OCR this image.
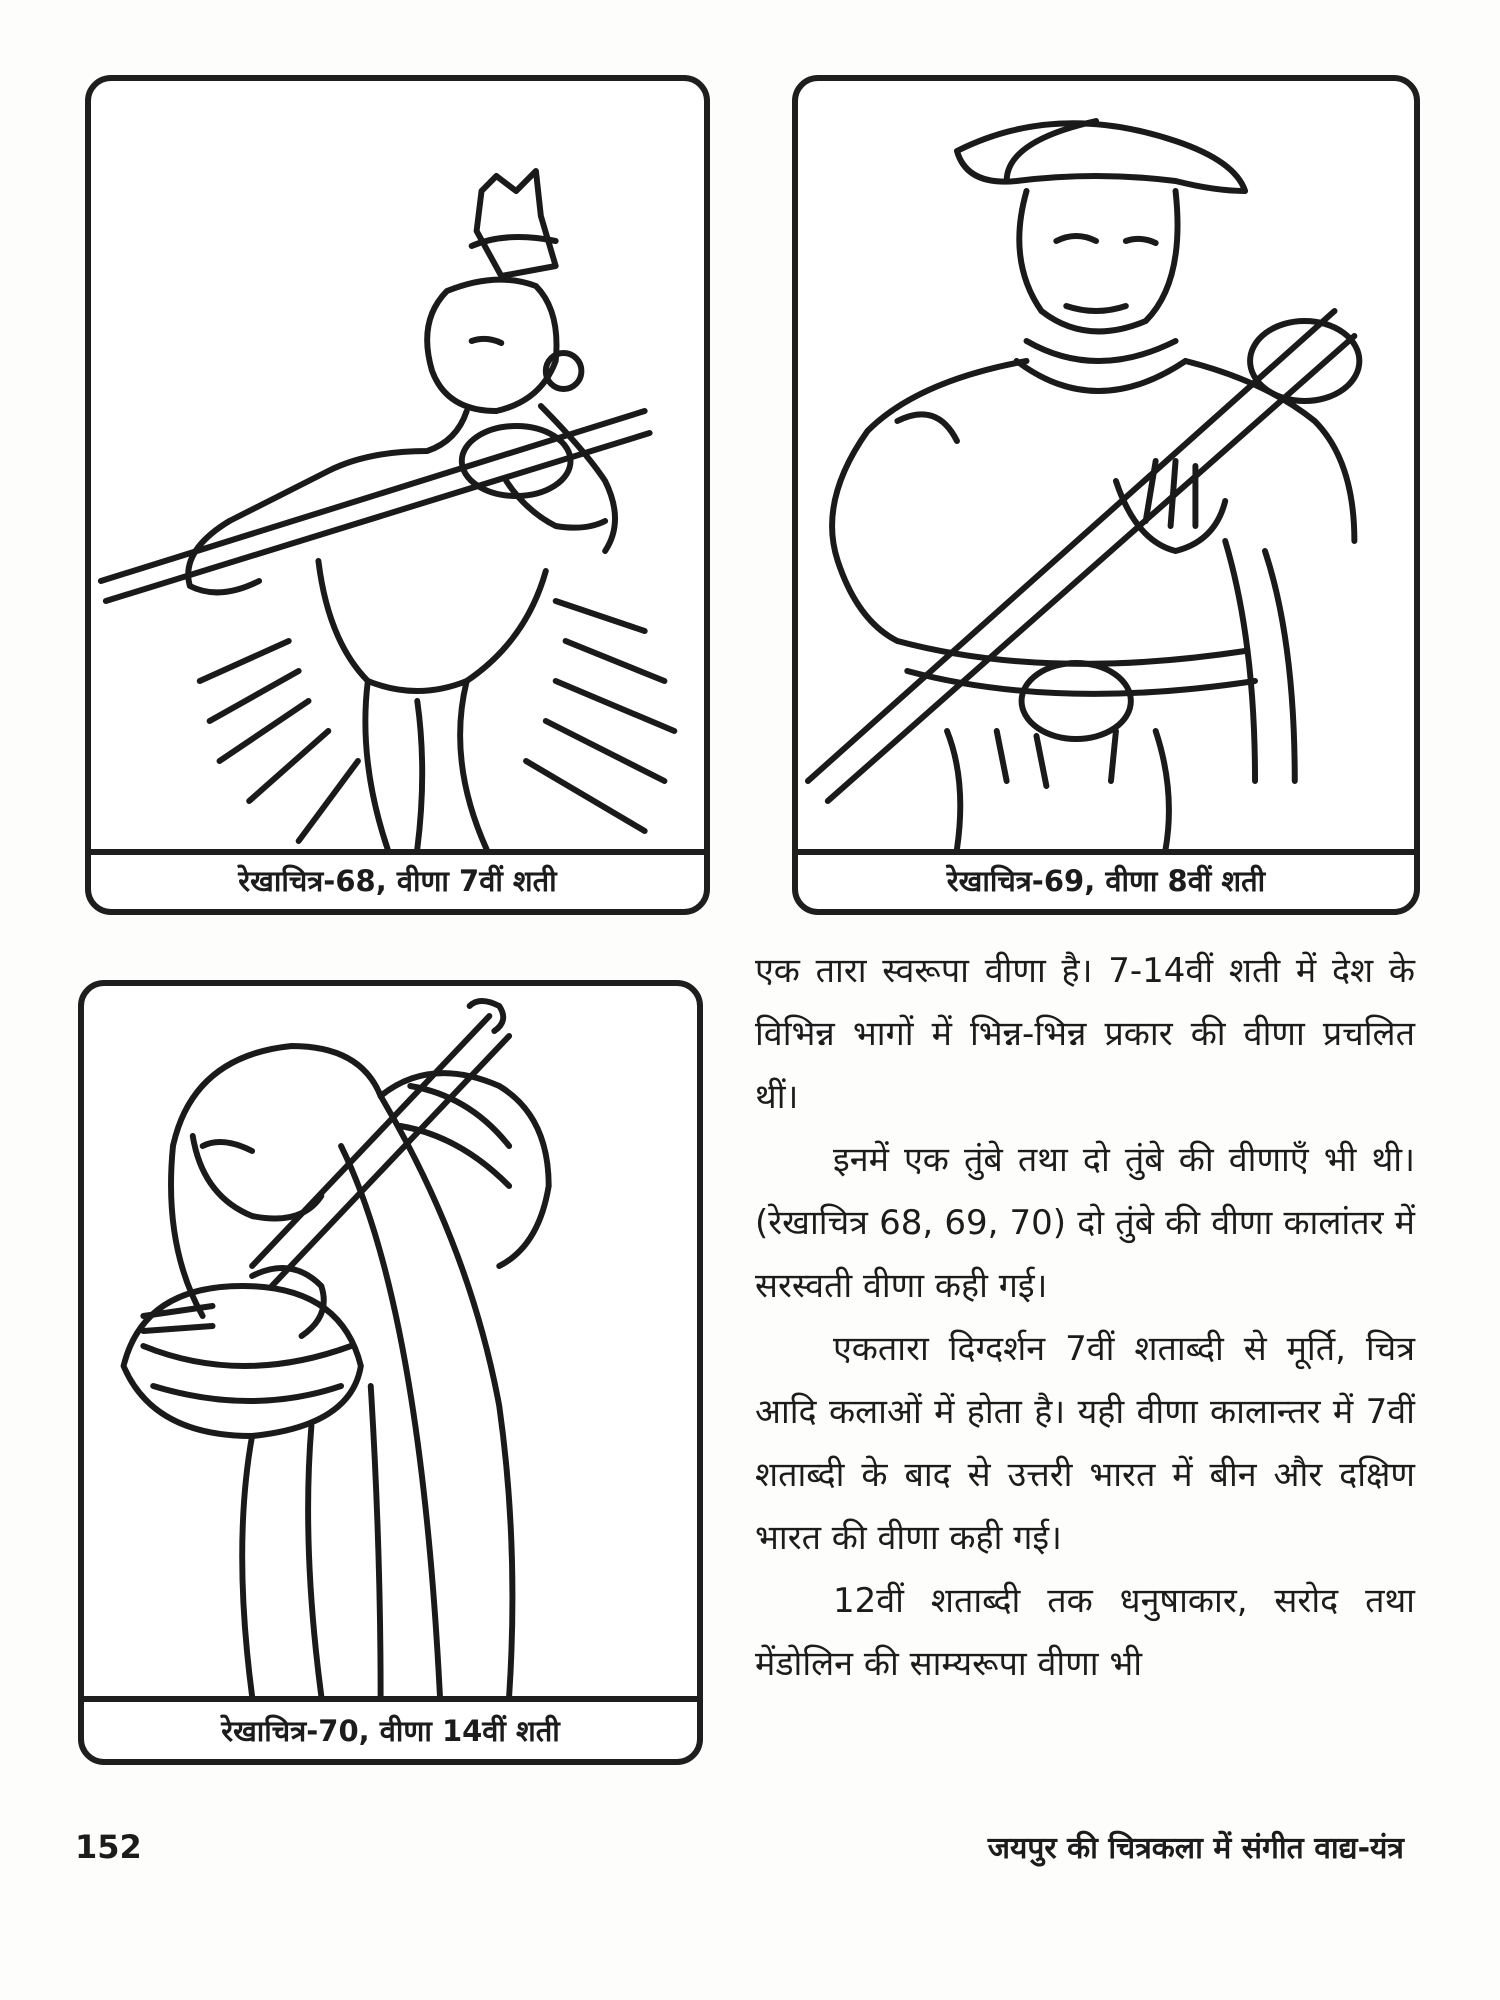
रेखाचित्र-68, वीणा 7वीं शती	रेखाचित्र-69, वीणा 8वीं शती
रेखाचित्र-70, वीणा 14वीं शती

एक तारा स्वरूपा वीणा है। 7-14वीं शती में देश के विभिन्न भागों में भिन्न-भिन्न प्रकार की वीणा प्रचलित थीं।

इनमें एक तुंबे तथा दो तुंबे की वीणाएँ भी थी। (रेखाचित्र 68, 69, 70) दो तुंबे की वीणा कालांतर में सरस्वती वीणा कही गई।

एकतारा दिग्दर्शन 7वीं शताब्दी से मूर्ति, चित्र आदि कलाओं में होता है। यही वीणा कालान्तर में 7वीं शताब्दी के बाद से उत्तरी भारत में बीन और दक्षिण भारत की वीणा कही गई।

12वीं शताब्दी तक धनुषाकार, सरोद तथा मेंडोलिन की साम्यरूपा वीणा भी

152	जयपुर की चित्रकला में संगीत वाद्य-यंत्र
